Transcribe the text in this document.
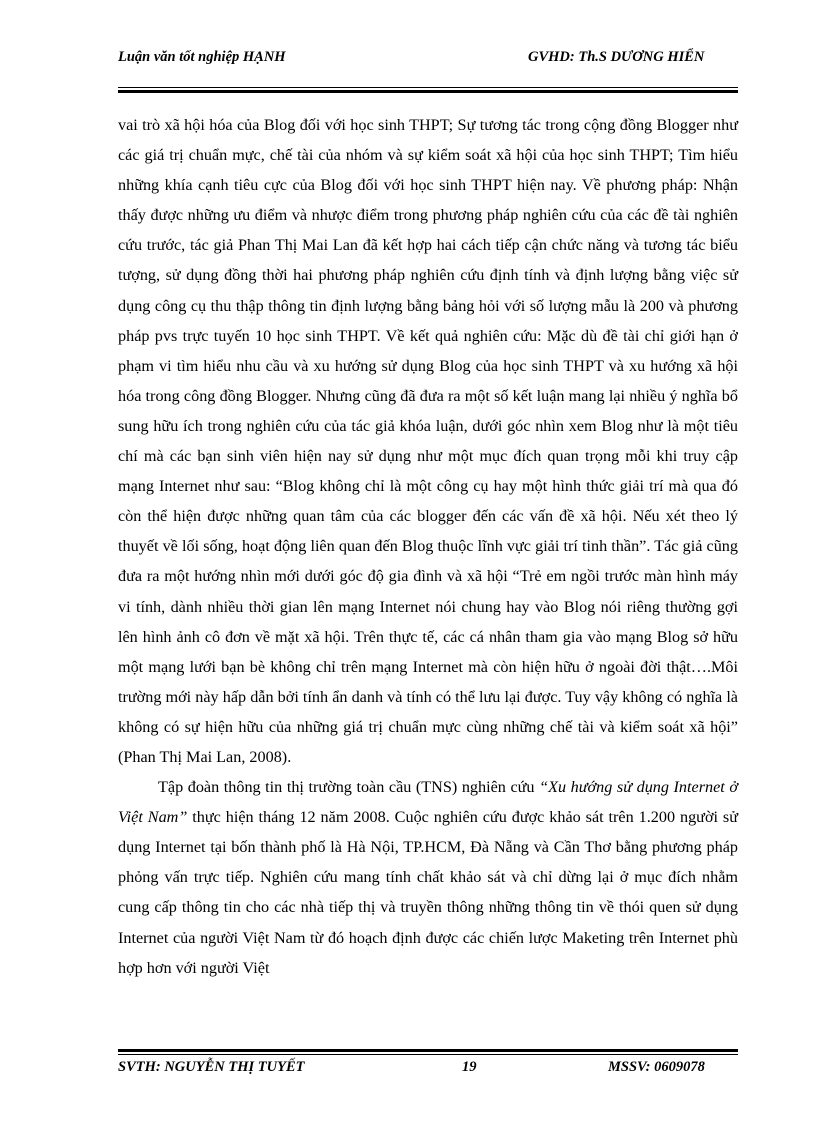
Luận văn tốt nghiệp HẠNH	GVHD: Th.S DƯƠNG HIỂN

vai trò xã hội hóa của Blog đối với học sinh THPT; Sự tương tác trong cộng đồng Blogger như các giá trị chuẩn mực, chế tài của nhóm và sự kiểm soát xã hội của học sinh THPT; Tìm hiểu những khía cạnh tiêu cực của Blog đối với học sinh THPT hiện nay. Về phương pháp: Nhận thấy được những ưu điểm và nhược điểm trong phương pháp nghiên cứu của các đề tài nghiên cứu trước, tác giả Phan Thị Mai Lan đã kết hợp hai cách tiếp cận chức năng và tương tác biểu tượng, sử dụng đồng thời hai phương pháp nghiên cứu định tính và định lượng bằng việc sử dụng công cụ thu thập thông tin định lượng bằng bảng hỏi với số lượng mẫu là 200 và phương pháp pvs trực tuyến 10 học sinh THPT. Về kết quả nghiên cứu: Mặc dù đề tài chỉ giới hạn ở phạm vi tìm hiểu nhu cầu và xu hướng sử dụng Blog của học sinh THPT và xu hướng xã hội hóa trong công đồng Blogger. Nhưng cũng đã đưa ra một số kết luận mang lại nhiều ý nghĩa bổ sung hữu ích trong nghiên cứu của tác giả khóa luận, dưới góc nhìn xem Blog như là một tiêu chí mà các bạn sinh viên hiện nay sử dụng như một mục đích quan trọng mỗi khi truy cập mạng Internet như sau: “Blog không chỉ là một công cụ hay một hình thức giải trí mà qua đó còn thể hiện được những quan tâm của các blogger đến các vấn đề xã hội. Nếu xét theo lý thuyết về lối sống, hoạt động liên quan đến Blog thuộc lĩnh vực giải trí tinh thần”. Tác giả cũng đưa ra một hướng nhìn mới dưới góc độ gia đình và xã hội “Trẻ em ngồi trước màn hình máy vi tính, dành nhiều thời gian lên mạng Internet nói chung hay vào Blog nói riêng thường gợi lên hình ảnh cô đơn về mặt xã hội. Trên thực tế, các cá nhân tham gia vào mạng Blog sở hữu một mạng lưới bạn bè không chỉ trên mạng Internet mà còn hiện hữu ở ngoài đời thật….Môi trường mới này hấp dẫn bởi tính ẩn danh và tính có thể lưu lại được. Tuy vậy không có nghĩa là không có sự hiện hữu của những giá trị chuẩn mực cùng những chế tài và kiểm soát xã hội” (Phan Thị Mai Lan, 2008).

Tập đoàn thông tin thị trường toàn cầu (TNS) nghiên cứu “Xu hướng sử dụng Internet ở Việt Nam” thực hiện tháng 12 năm 2008. Cuộc nghiên cứu được khảo sát trên 1.200 người sử dụng Internet tại bốn thành phố là Hà Nội, TP.HCM, Đà Nẵng và Cần Thơ bằng phương pháp phỏng vấn trực tiếp. Nghiên cứu mang tính chất khảo sát và chỉ dừng lại ở mục đích nhằm cung cấp thông tin cho các nhà tiếp thị và truyền thông những thông tin về thói quen sử dụng Internet của người Việt Nam từ đó hoạch định được các chiến lược Maketing trên Internet phù hợp hơn với người Việt

SVTH: NGUYỄN THỊ TUYẾT	19	MSSV: 0609078
